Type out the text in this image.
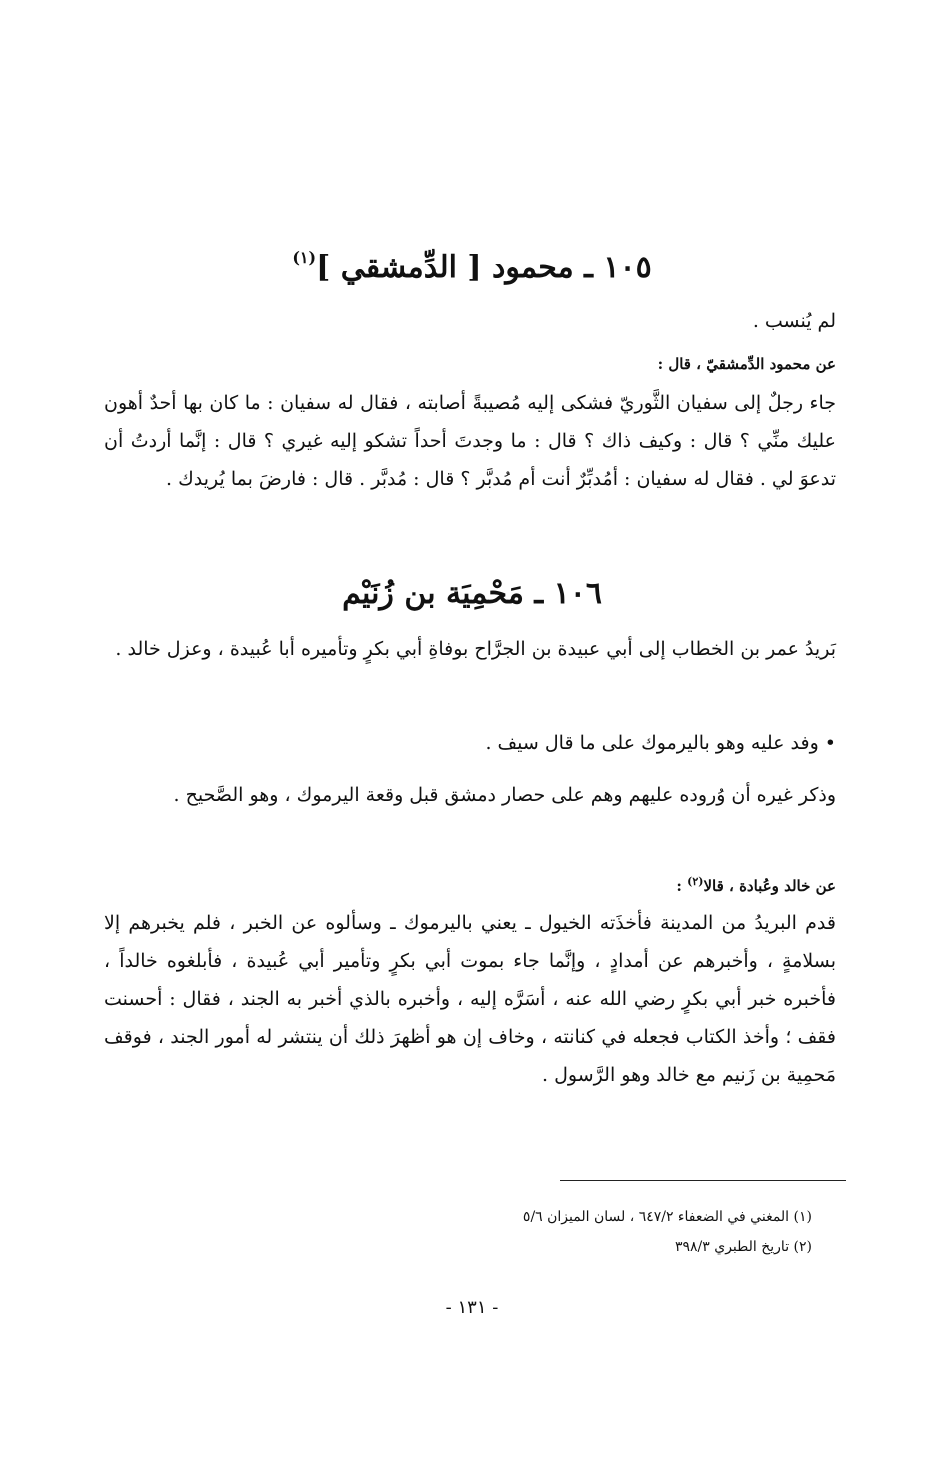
١٠٥ ـ محمود [ الدِّمشقي ]$^{(١)}$
لم يُنسب .
عن محمود الدِّمشقيّ ، قال :
جاء رجلٌ إلى سفيان الثَّوريّ فشكى إليه مُصيبةً أصابته ، فقال له سفيان : ما كان بها أحدٌ أهون عليك منِّي ؟ قال : وكيف ذاك ؟ قال : ما وجدتَ أحداً تشكو إليه غيري ؟ قال : إنَّما أردتُ أن تدعوَ لي . فقال له سفيان : أمُدبِّرٌ أنت أم مُدبَّر ؟ قال : مُدبَّر . قال : فارضَ بما يُريدك .
١٠٦ ـ مَحْمِيَة بن زُنَيْم
بَريدُ عمر بن الخطاب إلى أبي عبيدة بن الجرَّاح بوفاةِ أبي بكرٍ وتأميره أبا عُبيدة ، وعزل خالد .
• وفد عليه وهو باليرموك على ما قال سيف .
وذكر غيره أن وُروده عليهم وهم على حصار دمشق قبل وقعة اليرموك ، وهو الصَّحيح .
عن خالد وعُبادة ، قالا$^{(٢)}$ :
قدم البريدُ من المدينة فأخذَته الخيول ـ يعني باليرموك ـ وسألوه عن الخبر ، فلم يخبرهم إلا بسلامةٍ ، وأخبرهم عن أمدادٍ ، وإنَّما جاء بموت أبي بكرٍ وتأمير أبي عُبيدة ، فأبلغوه خالداً ، فأخبره خبر أبي بكرٍ رضي الله عنه ، أسَرَّه إليه ، وأخبره بالذي أخبر به الجند ، فقال : أحسنت فقف ؛ وأخذ الكتاب فجعله في كنانته ، وخاف إن هو أظهرَ ذلك أن ينتشر له أمور الجند ، فوقف مَحمِية بن زَنيم مع خالد وهو الرَّسول .
(١) المغني في الضعفاء ٦٤٧/٢ ، لسان الميزان ٥/٦
(٢) تاريخ الطبري ٣٩٨/٣
- ١٣١ -
